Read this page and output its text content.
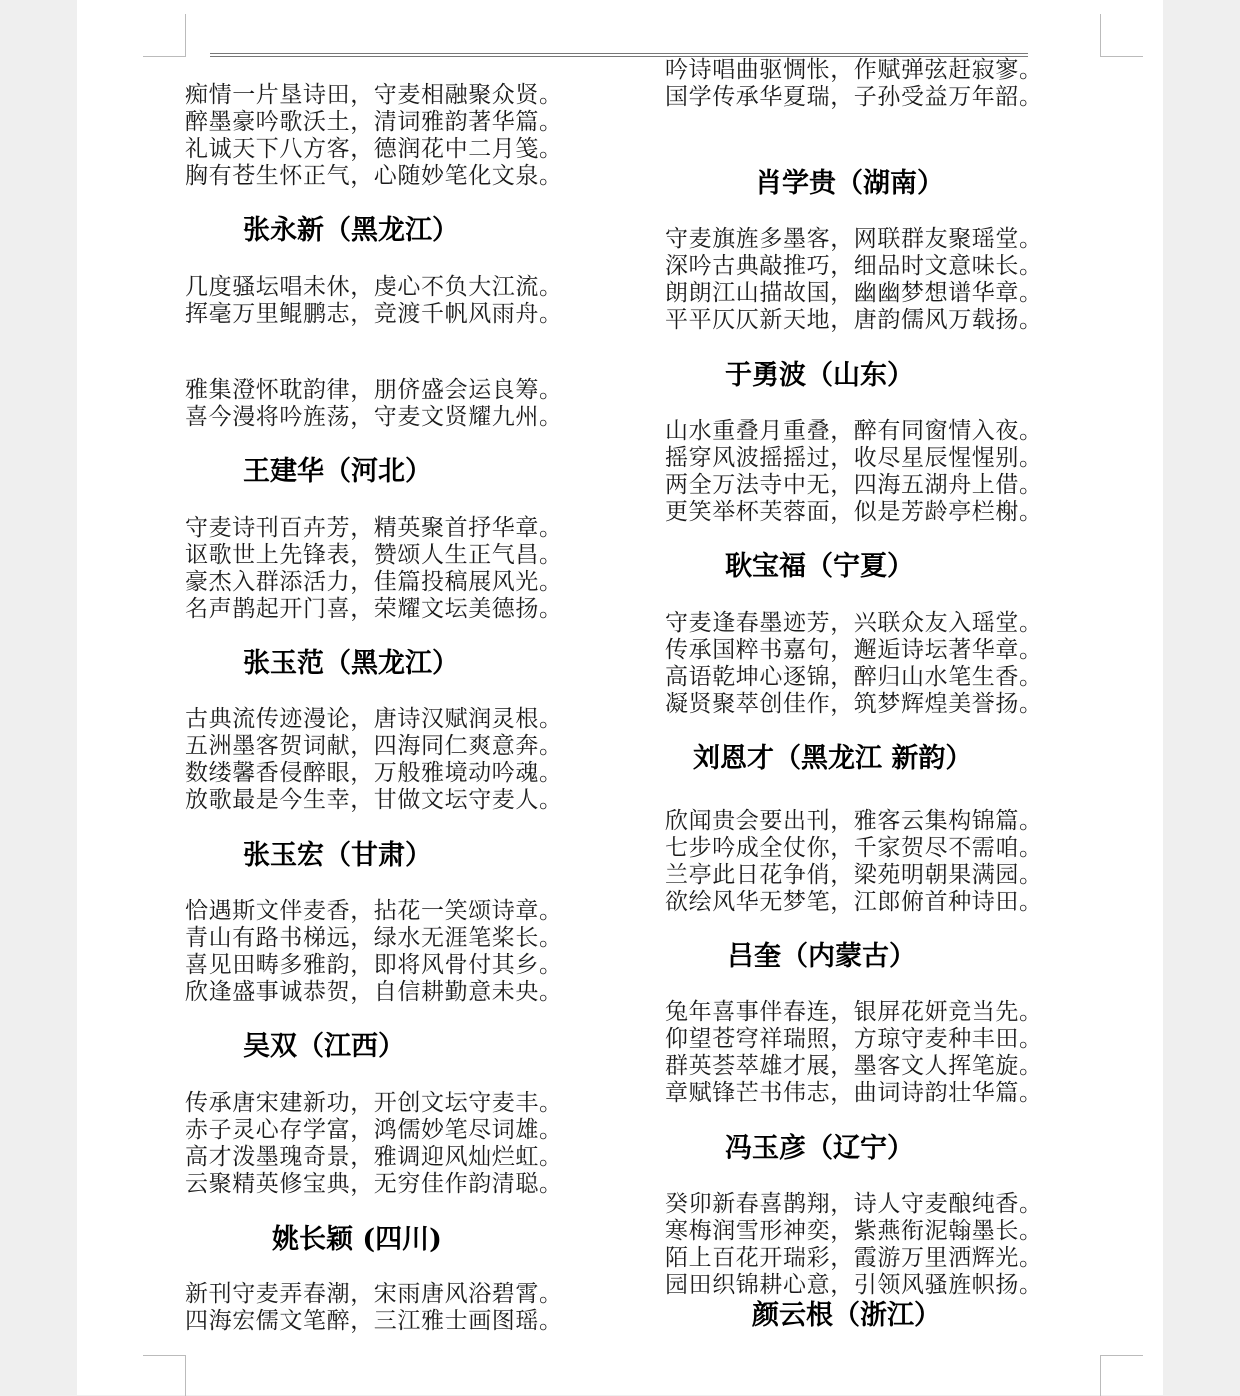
痴情一片垦诗田，守麦相融聚众贤。
醉墨豪吟歌沃土，清词雅韵著华篇。
礼诚天下八方客，德润花中二月笺。
胸有苍生怀正气，心随妙笔化文泉。
张永新（黑龙江）
几度骚坛唱未休，虔心不负大江流。
挥毫万里鲲鹏志，竞渡千帆风雨舟。
雅集澄怀耽韵律，朋侪盛会运良筹。
喜今漫将吟旌荡，守麦文贤耀九州。
王建华（河北）
守麦诗刊百卉芳，精英聚首抒华章。
讴歌世上先锋表，赞颂人生正气昌。
豪杰入群添活力，佳篇投稿展风光。
名声鹊起开门喜，荣耀文坛美德扬。
张玉范（黑龙江）
古典流传迹漫论，唐诗汉赋润灵根。
五洲墨客贺词献，四海同仁爽意奔。
数缕馨香侵醉眼，万般雅境动吟魂。
放歌最是今生幸，甘做文坛守麦人。
张玉宏（甘肃）
恰遇斯文伴麦香，拈花一笑颂诗章。
青山有路书梯远，绿水无涯笔桨长。
喜见田畴多雅韵，即将风骨付其乡。
欣逢盛事诚恭贺，自信耕勤意未央。
吴双（江西）
传承唐宋建新功，开创文坛守麦丰。
赤子灵心存学富，鸿儒妙笔尽词雄。
高才泼墨瑰奇景，雅调迎风灿烂虹。
云聚精英修宝典，无穷佳作韵清聪。
姚长颖 (四川)
新刊守麦弄春潮，宋雨唐风浴碧霄。
四海宏儒文笔醉，三江雅士画图瑶。
吟诗唱曲驱惆怅，作赋弹弦赶寂寥。
国学传承华夏瑞，子孙受益万年韶。
肖学贵（湖南）
守麦旗旌多墨客，网联群友聚瑶堂。
深吟古典敲推巧，细品时文意味长。
朗朗江山描故国，幽幽梦想谱华章。
平平仄仄新天地，唐韵儒风万载扬。
于勇波（山东）
山水重叠月重叠，醉有同窗情入夜。
摇穿风波摇摇过，收尽星辰惺惺别。
两全万法寺中无，四海五湖舟上借。
更笑举杯芙蓉面，似是芳龄亭栏榭。
耿宝福（宁夏）
守麦逢春墨迹芳，兴联众友入瑶堂。
传承国粹书嘉句，邂逅诗坛著华章。
高语乾坤心逐锦，醉归山水笔生香。
凝贤聚萃创佳作，筑梦辉煌美誉扬。
刘恩才（黑龙江 新韵）
欣闻贵会要出刊，雅客云集构锦篇。
七步吟成全仗你，千家贺尽不需咱。
兰亭此日花争俏，梁苑明朝果满园。
欲绘风华无梦笔，江郎俯首种诗田。
吕奎（内蒙古）
兔年喜事伴春连，银屏花妍竞当先。
仰望苍穹祥瑞照，方琼守麦种丰田。
群英荟萃雄才展，墨客文人挥笔旋。
章赋锋芒书伟志，曲词诗韵壮华篇。
冯玉彦（辽宁）
癸卯新春喜鹊翔，诗人守麦酿纯香。
寒梅润雪形神奕，紫燕衔泥翰墨长。
陌上百花开瑞彩，霞游万里洒辉光。
园田织锦耕心意，引领风骚旌帜扬。
颜云根（浙江）
